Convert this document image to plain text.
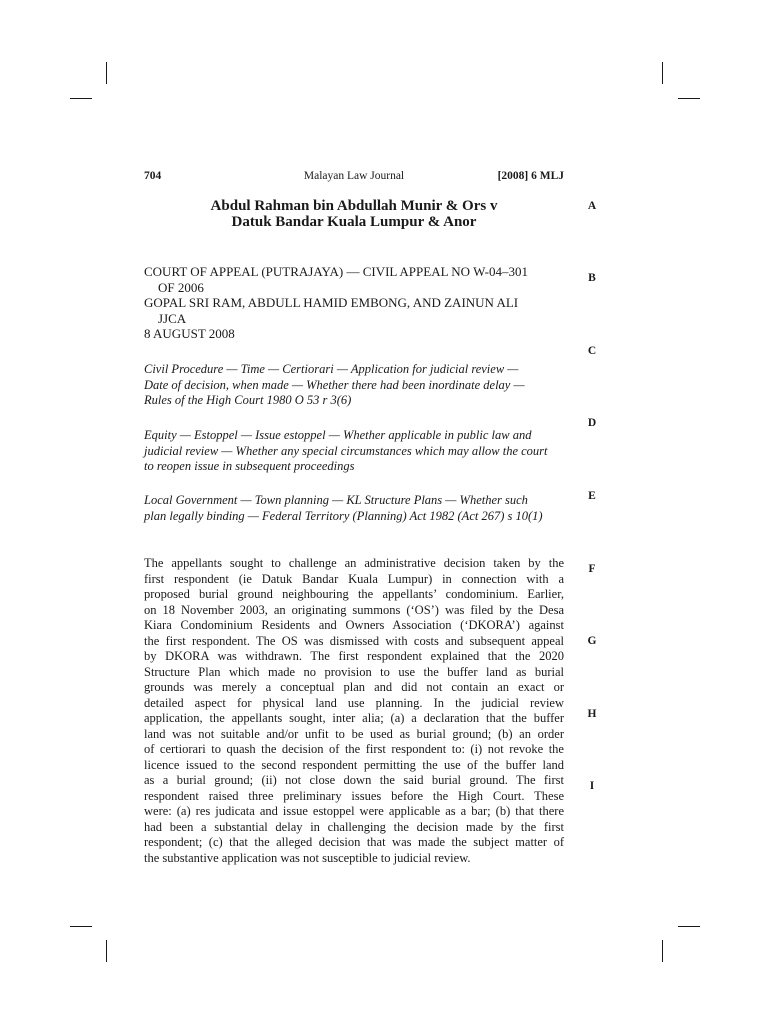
704	Malayan Law Journal	[2008] 6 MLJ
Abdul Rahman bin Abdullah Munir & Ors v
Datuk Bandar Kuala Lumpur & Anor
COURT OF APPEAL (PUTRAJAYA) — CIVIL APPEAL NO W-04–301
OF 2006
GOPAL SRI RAM, ABDULL HAMID EMBONG, AND ZAINUN ALI
JJCA
8 AUGUST 2008
Civil Procedure — Time — Certiorari — Application for judicial review —
Date of decision, when made — Whether there had been inordinate delay —
Rules of the High Court 1980 O 53 r 3(6)
Equity — Estoppel — Issue estoppel — Whether applicable in public law and
judicial review — Whether any special circumstances which may allow the court
to reopen issue in subsequent proceedings
Local Government — Town planning — KL Structure Plans — Whether such
plan legally binding — Federal Territory (Planning) Act 1982 (Act 267) s 10(1)
The appellants sought to challenge an administrative decision taken by the
first respondent (ie Datuk Bandar Kuala Lumpur) in connection with a
proposed burial ground neighbouring the appellants’ condominium. Earlier,
on 18 November 2003, an originating summons (‘OS’) was filed by the Desa
Kiara Condominium Residents and Owners Association (‘DKORA’) against
the first respondent. The OS was dismissed with costs and subsequent appeal
by DKORA was withdrawn. The first respondent explained that the 2020
Structure Plan which made no provision to use the buffer land as burial
grounds was merely a conceptual plan and did not contain an exact or
detailed aspect for physical land use planning. In the judicial review
application, the appellants sought, inter alia; (a) a declaration that the buffer
land was not suitable and/or unfit to be used as burial ground; (b) an order
of certiorari to quash the decision of the first respondent to: (i) not revoke the
licence issued to the second respondent permitting the use of the buffer land
as a burial ground; (ii) not close down the said burial ground. The first
respondent raised three preliminary issues before the High Court. These
were: (a) res judicata and issue estoppel were applicable as a bar; (b) that there
had been a substantial delay in challenging the decision made by the first
respondent; (c) that the alleged decision that was made the subject matter of
the substantive application was not susceptible to judicial review.
A
B
C
D
E
F
G
H
I
